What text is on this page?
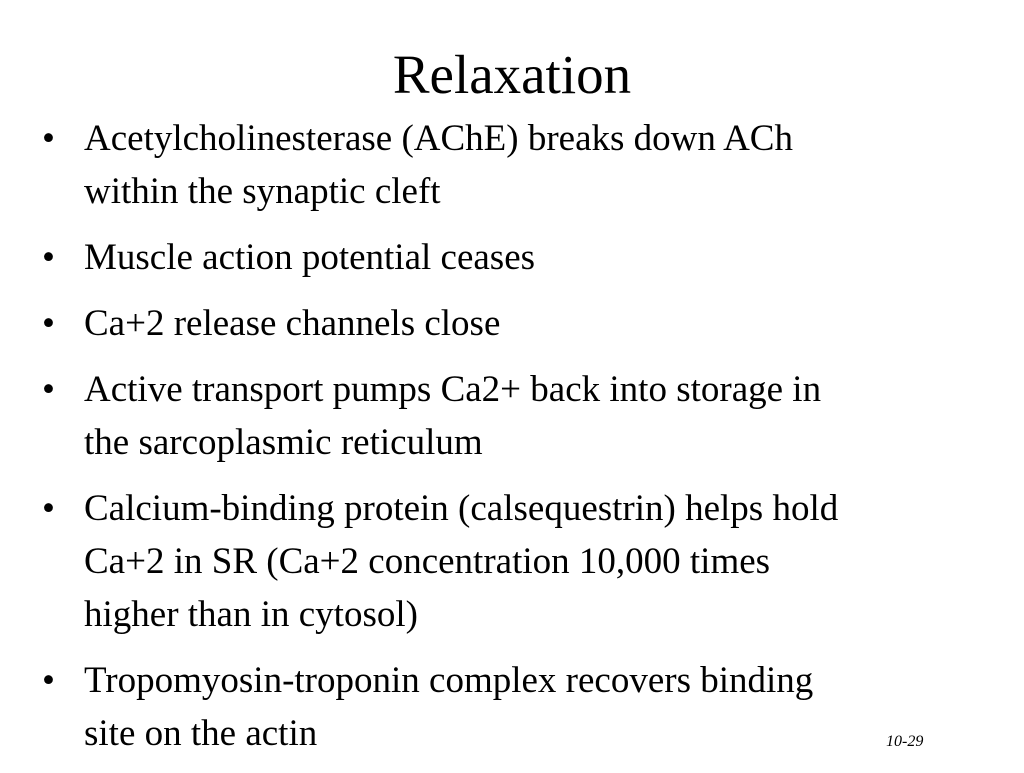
Relaxation
• Acetylcholinesterase (AChE) breaks down ACh
within the synaptic cleft
• Muscle action potential ceases
• Ca+2 release channels close
• Active transport pumps Ca2+ back into storage in
the sarcoplasmic reticulum
• Calcium-binding protein (calsequestrin) helps hold
Ca+2 in SR (Ca+2 concentration 10,000 times
higher than in cytosol)
• Tropomyosin-troponin complex recovers binding
site on the actin	10-29
